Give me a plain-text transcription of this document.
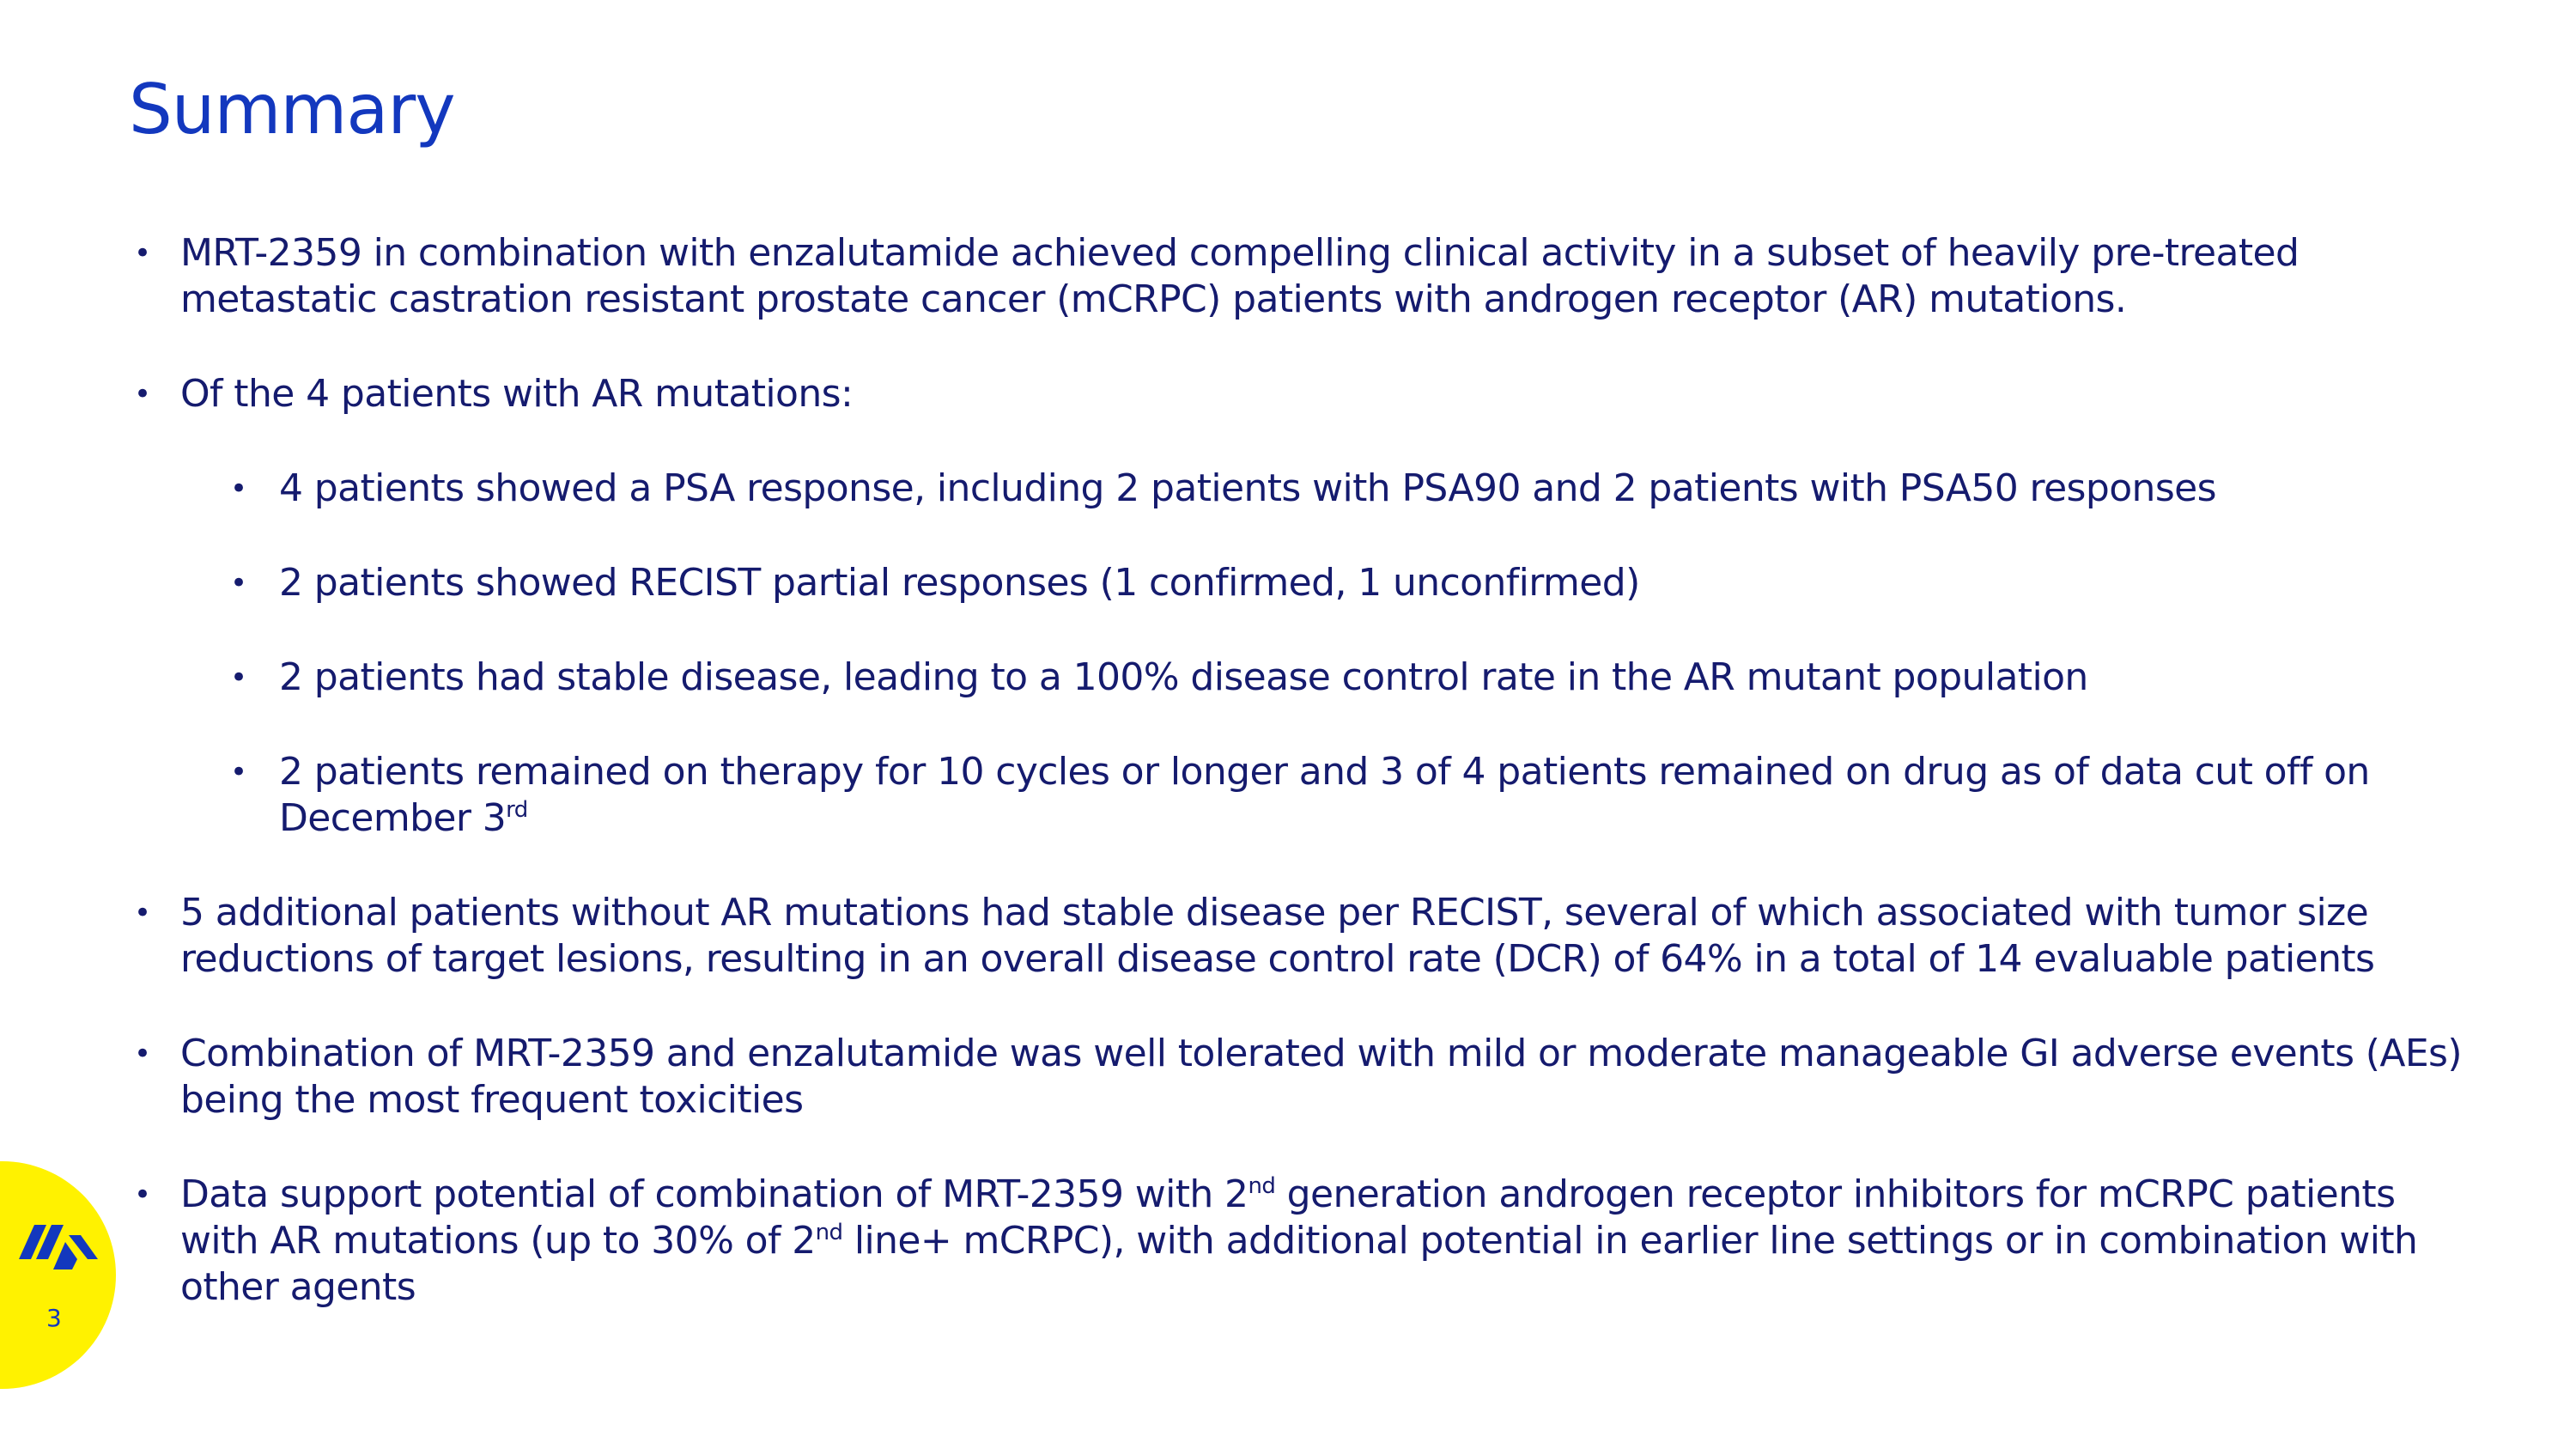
Summary
• MRT-2359 in combination with enzalutamide achieved compelling clinical activity in a subset of heavily pre-treated metastatic castration resistant prostate cancer (mCRPC) patients with androgen receptor (AR) mutations.
• Of the 4 patients with AR mutations:
• 4 patients showed a PSA response, including 2 patients with PSA90 and 2 patients with PSA50 responses
• 2 patients showed RECIST partial responses (1 confirmed, 1 unconfirmed)
• 2 patients had stable disease, leading to a 100% disease control rate in the AR mutant population
• 2 patients remained on therapy for 10 cycles or longer and 3 of 4 patients remained on drug as of data cut off on December 3rd
• 5 additional patients without AR mutations had stable disease per RECIST, several of which associated with tumor size reductions of target lesions, resulting in an overall disease control rate (DCR) of 64% in a total of 14 evaluable patients
• Combination of MRT-2359 and enzalutamide was well tolerated with mild or moderate manageable GI adverse events (AEs) being the most frequent toxicities
• Data support potential of combination of MRT-2359 with 2nd generation androgen receptor inhibitors for mCRPC patients with AR mutations (up to 30% of 2nd line+ mCRPC), with additional potential in earlier line settings or in combination with other agents
3
